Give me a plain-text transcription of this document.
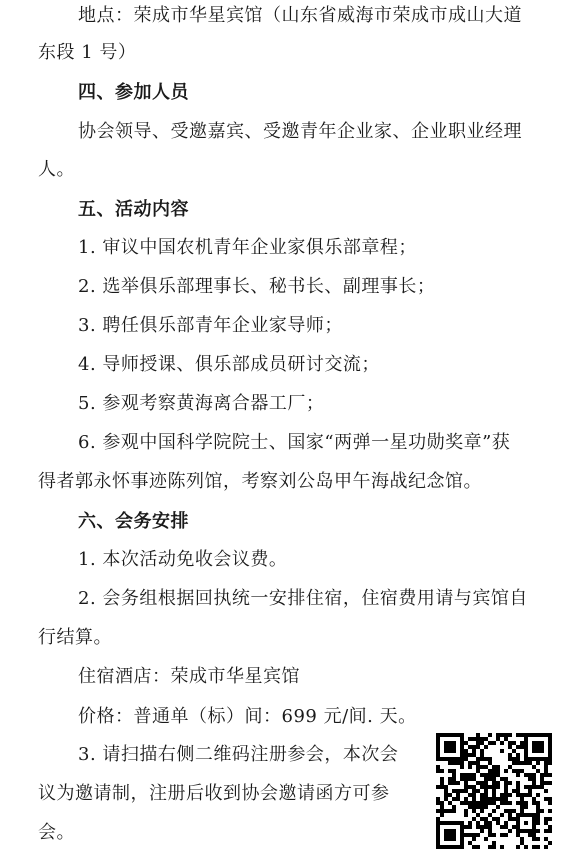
地点：荣成市华星宾馆（山东省威海市荣成市成山大道
东段 1 号）
四、参加人员
协会领导、受邀嘉宾、受邀青年企业家、企业职业经理
人。
五、活动内容
1. 审议中国农机青年企业家俱乐部章程；
2. 选举俱乐部理事长、秘书长、副理事长；
3. 聘任俱乐部青年企业家导师；
4. 导师授课、俱乐部成员研讨交流；
5. 参观考察黄海离合器工厂；
6. 参观中国科学院院士、国家“两弹一星功勋奖章”获
得者郭永怀事迹陈列馆，考察刘公岛甲午海战纪念馆。
六、会务安排
1. 本次活动免收会议费。
2. 会务组根据回执统一安排住宿，住宿费用请与宾馆自
行结算。
住宿酒店：荣成市华星宾馆
价格：普通单（标）间：699 元/间. 天。
3. 请扫描右侧二维码注册参会，本次会
议为邀请制，注册后收到协会邀请函方可参
会。
